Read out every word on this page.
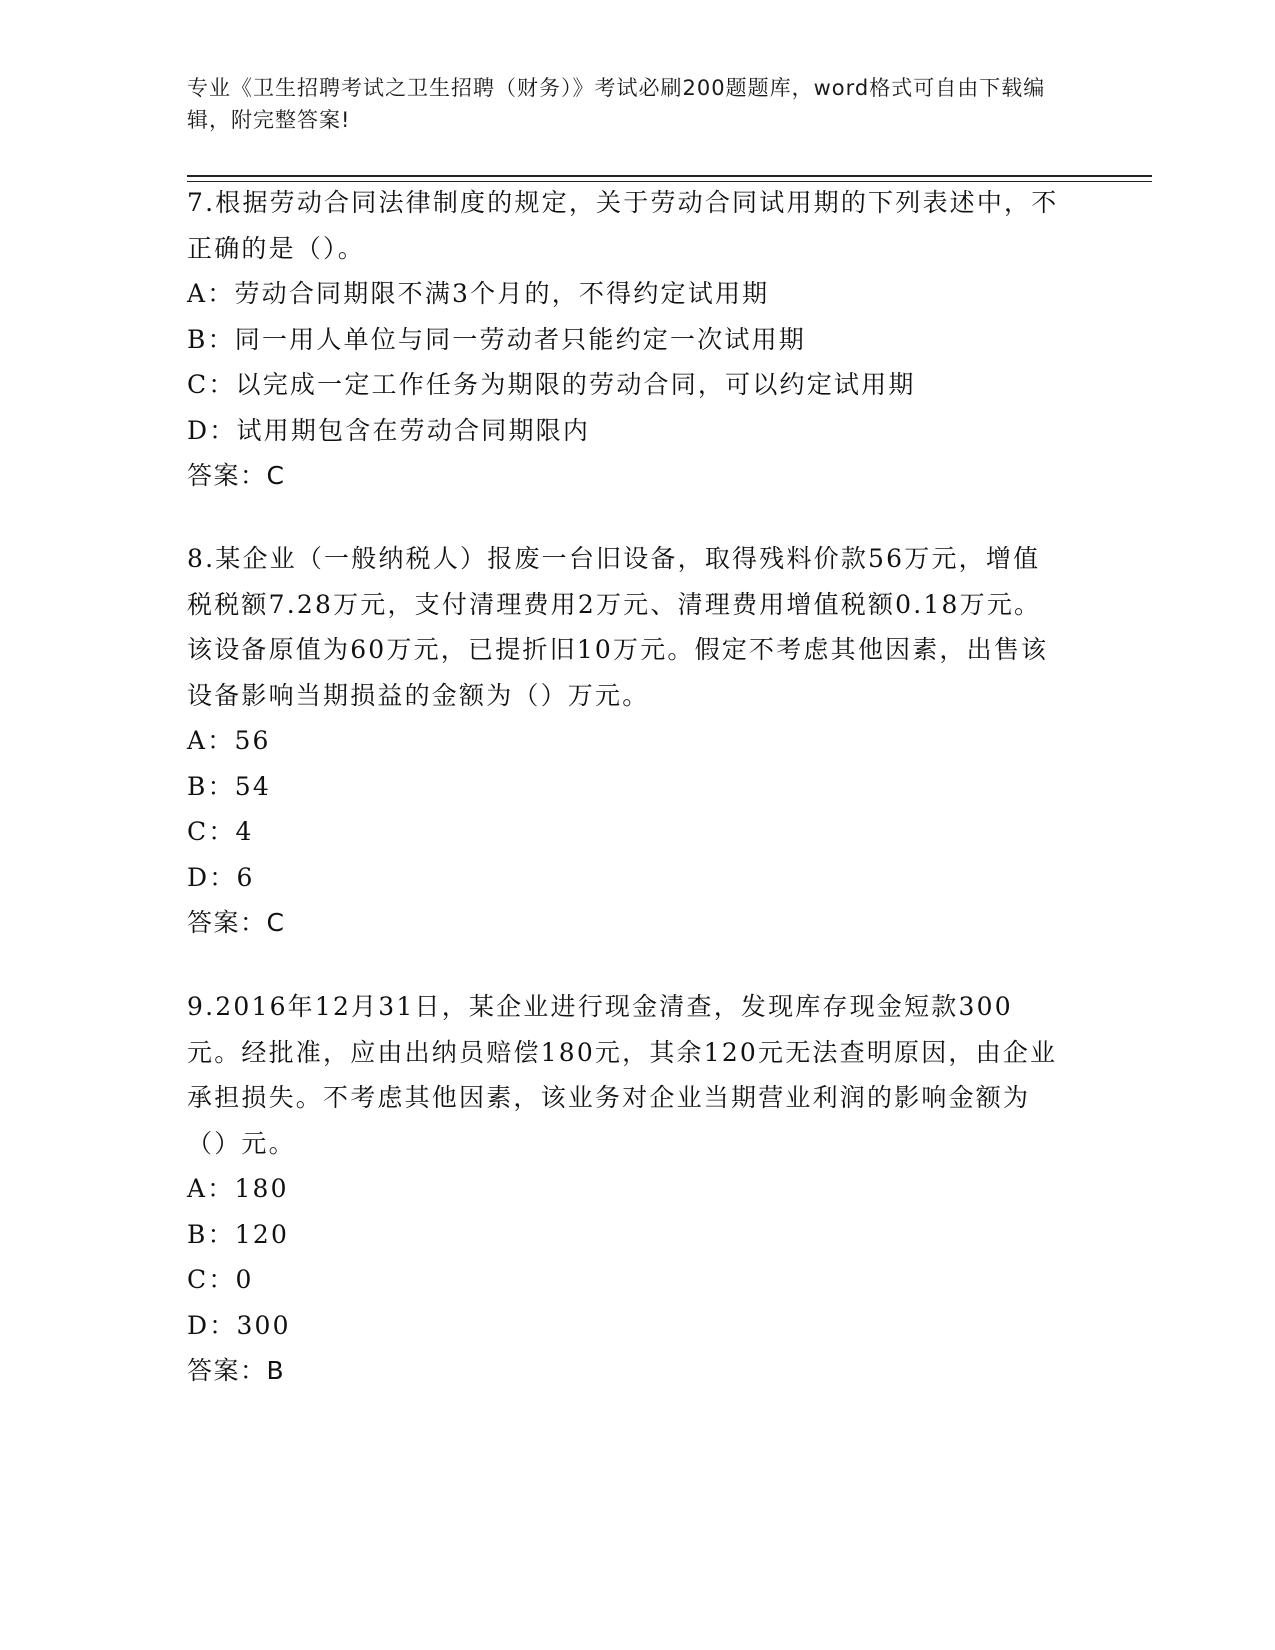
专业《卫生招聘考试之卫生招聘（财务）》考试必刷200题题库，word格式可自由下载编辑，附完整答案!

7.根据劳动合同法律制度的规定，关于劳动合同试用期的下列表述中，不正确的是（）。

A：劳动合同期限不满3个月的，不得约定试用期

B：同一用人单位与同一劳动者只能约定一次试用期

C：以完成一定工作任务为期限的劳动合同，可以约定试用期

D：试用期包含在劳动合同期限内

答案：C

8.某企业（一般纳税人）报废一台旧设备，取得残料价款56万元，增值税税额7.28万元，支付清理费用2万元、清理费用增值税额0.18万元。该设备原值为60万元，已提折旧10万元。假定不考虑其他因素，出售该设备影响当期损益的金额为（）万元。

A：56

B：54

C：4

D：6

答案：C

9.2016年12月31日，某企业进行现金清查，发现库存现金短款300元。经批准，应由出纳员赔偿180元，其余120元无法查明原因，由企业承担损失。不考虑其他因素，该业务对企业当期营业利润的影响金额为（）元。

A：180

B：120

C：0

D：300

答案：B
